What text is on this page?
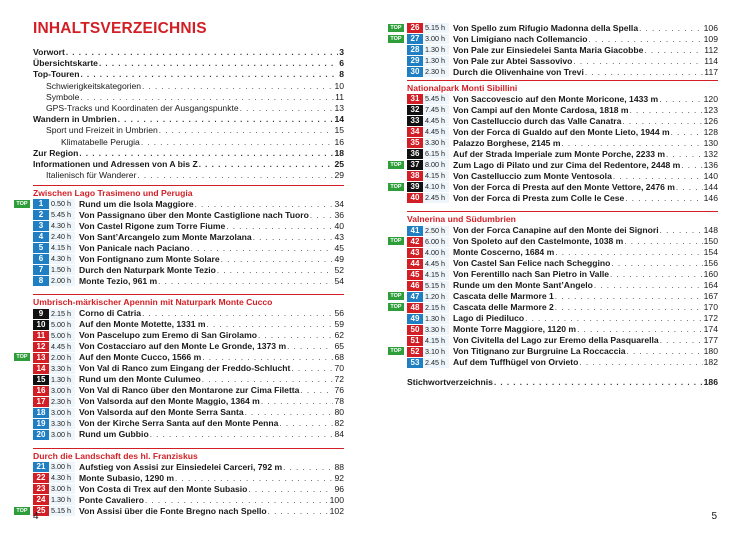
INHALTSVERZEICHNIS
Vorwort . . .	3
Übersichtskarte . . .	6
Top-Touren . . .	8
Schwierigkeitskategorien . . .	10
Symbole . . .	11
GPS-Tracks und Koordinaten der Ausgangspunkte . . .	13
Wandern in Umbrien . . .	14
Sport und Freizeit in Umbrien . . .	15
Klimatabelle Perugia . . .	16
Zur Region . . .	18
Informationen und Adressen von A bis Z . . .	25
Italienisch für Wanderer . . .	29
Zwischen Lago Trasimeno und Perugia
TOP	1	0.50 h Rund um die Isola Maggiore . . .	34
2	5.45 h Von Passignano über den Monte Castiglione nach Tuoro . . .	36
3	4.30 h Von Castel Rigone zum Torre Fiume . . .	40
4	2.40 h Von Sant’Arcangelo zum Monte Marzolana . . .	43
5	4.15 h Von Panicale nach Paciano . . .	45
6	4.30 h Von Fontignano zum Monte Solare . . .	49
7	1.50 h Durch den Naturpark Monte Tezio . . .	52
8	2.00 h Monte Tezio, 961 m . . .	54
Umbrisch-märkischer Apennin mit Naturpark Monte Cucco
9	2.15 h Corno di Catria . . .	56
10 5.00 h Auf den Monte Motette, 1331 m . . .	59
11 5.00 h Von Pascelupo zum Eremo di San Girolamo . . .	62
12 4.45 h Von Costacciaro auf den Monte Le Gronde, 1373 m . . .	65
TOP	13 2.00 h Auf den Monte Cucco, 1566 m . . .	68
14 3.30 h Von Val di Ranco zum Eingang der Freddo-Schlucht . . .	70
15 1.30 h Rund um den Monte Culumeo . . .	72
16 3.00 h Von Val di Ranco über den Montarone zur Cima Filetta . . .	76
17 2.30 h Von Valsorda auf den Monte Maggio, 1364 m . . .	78
18 3.00 h Von Valsorda auf den Monte Serra Santa . . .	80
19 3.30 h Von der Kirche Serra Santa auf den Monte Penna . . .	82
20 3.00 h Rund um Gubbio . . .	84
Durch die Landschaft des hl. Franziskus
21 3.00 h Aufstieg von Assisi zur Einsiedelei Carceri, 792 m . . .	88
22 4.30 h Monte Subasio, 1290 m . . .	92
23 3.00 h Von Costa di Trex auf den Monte Subasio . . .	96
24 1.30 h Ponte Cavaliero . . .	100
TOP	25 5.15 h Von Assisi über die Fonte Bregno nach Spello . . .	102
4
TOP	26 5.15 h Von Spello zum Rifugio Madonna della Spella . . .	106
TOP	27 3.00 h Von Limigiano nach Collemancio . . .	109
28 1.30 h Von Pale zur Einsiedelei Santa Maria Giacobbe . . .	112
29 1.30 h Von Pale zur Abtei Sassovivo . . .	114
30 2.30 h Durch die Olivenhaine von Trevi . . .	117
Nationalpark Monti Sibillini
31 5.45 h Von Saccovescio auf den Monte Moricone, 1433 m . . .	120
32 7.45 h Von Campi auf den Monte Cardosa, 1818 m . . .	123
33 4.45 h Von Castelluccio durch das Valle Canatra . . .	126
34 4.45 h Von der Forca di Gualdo auf den Monte Lieto, 1944 m . . .	128
35 3.30 h Palazzo Borghese, 2145 m . . .	130
36 6.15 h Auf der Strada Imperiale zum Monte Porche, 2233 m . . .	132
TOP	37 8.00 h Zum Lago di Pilato und zur Cima del Redentore, 2448 m . . .	136
38 4.15 h Von Castelluccio zum Monte Ventosola . . .	140
TOP	39 4.10 h Von der Forca di Presta auf den Monte Vettore, 2476 m . . .	144
40 2.45 h Von der Forca di Presta zum Colle le Cese . . .	146
Valnerina und Südumbrien
41 2.50 h Von der Forca Canapine auf den Monte dei Signori . . .	148
TOP	42 6.00 h Von Spoleto auf den Castelmonte, 1038 m . . .	150
43 4.00 h Monte Coscerno, 1684 m . . .	154
44 4.45 h Von Castel San Felice nach Scheggino . . .	156
45 4.15 h Von Ferentillo nach San Pietro in Valle . . .	160
46 5.15 h Runde um den Monte Sant’Angelo . . .	164
TOP	47 1.20 h Cascata delle Marmore 1 . . .	167
TOP	48 2.15 h Cascata delle Marmore 2 . . .	170
49 1.30 h Lago di Piediluco . . .	172
50 3.30 h Monte Torre Maggiore, 1120 m . . .	174
51 4.15 h Von Civitella del Lago zur Eremo della Pasquarella . . .	177
TOP	52 3.10 h Von Titignano zur Burgruine La Roccaccia . . .	180
53 2.45 h Auf dem Tuffhügel von Orvieto . . .	182
Stichwortverzeichnis . . .	186
5
